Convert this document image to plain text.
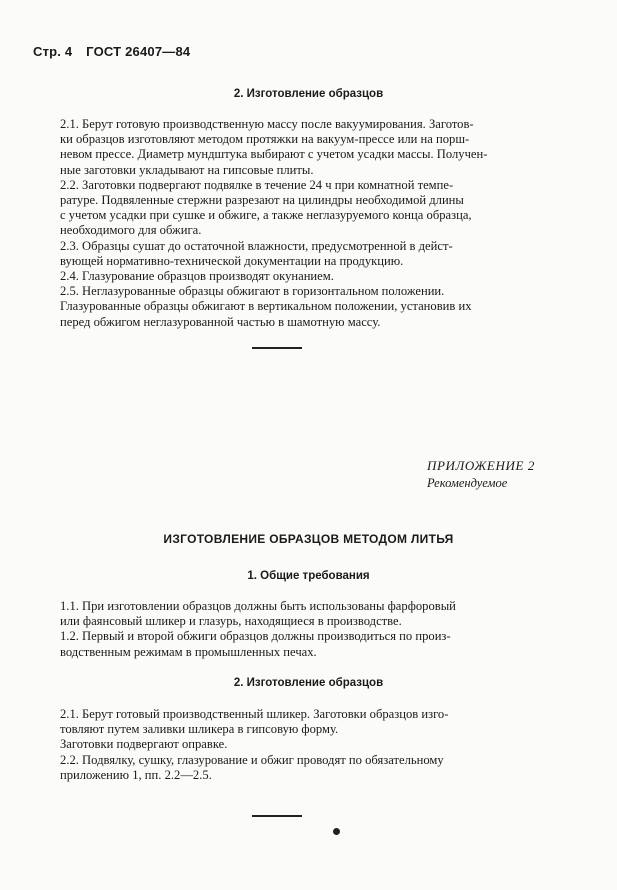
Стр. 4 ГОСТ 26407—84
2. Изготовление образцов

2.1. Берут готовую производственную массу после вакуумирования. Заготов-

ки образцов изготовляют методом протяжки на вакуум-прессе или на порш-

невом прессе. Диаметр мундштука выбирают с учетом усадки массы. Получен-

ные заготовки укладывают на гипсовые плиты.

2.2. Заготовки подвергают подвялке в течение 24 ч при комнатной темпе-

ратуре. Подвяленные стержни разрезают на цилиндры необходимой длины

с учетом усадки при сушке и обжиге, а также неглазуруемого конца образца,

необходимого для обжига.

2.3. Образцы сушат до остаточной влажности, предусмотренной в дейст-

вующей нормативно-технической документации на продукцию.

2.4. Глазурование образцов производят окунанием.

2.5. Неглазурованные образцы обжигают в горизонтальном положении.

Глазурованные образцы обжигают в вертикальном положении, установив их

перед обжигом неглазурованной частью в шамотную массу.

ПРИЛОЖЕНИЕ 2
Рекомендуемое
ИЗГОТОВЛЕНИЕ ОБРАЗЦОВ МЕТОДОМ ЛИТЬЯ
1. Общие требования

1.1. При изготовлении образцов должны быть использованы фарфоровый

или фаянсовый шликер и глазурь, находящиеся в производстве.

1.2. Первый и второй обжиги образцов должны производиться по произ-

водственным режимам в промышленных печах.

2. Изготовление образцов

2.1. Берут готовый производственный шликер. Заготовки образцов изго-

товляют путем заливки шликера в гипсовую форму.

Заготовки подвергают оправке.

2.2. Подвялку, сушку, глазурование и обжиг проводят по обязательному

приложению 1, пп. 2.2—2.5.
